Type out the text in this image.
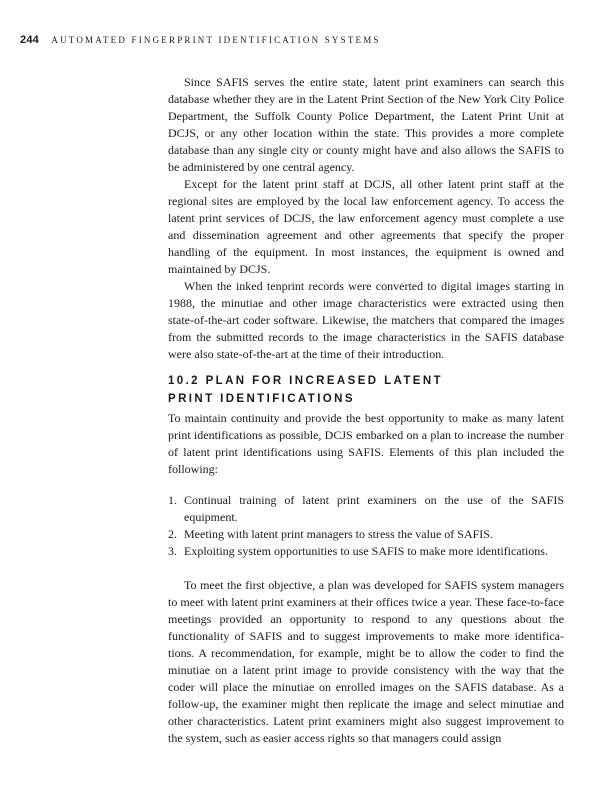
244 AUTOMATED FINGERPRINT IDENTIFICATION SYSTEMS

Since SAFIS serves the entire state, latent print examiners can search this database whether they are in the Latent Print Section of the New York City Police Department, the Suffolk County Police Department, the Latent Print Unit at DCJS, or any other location within the state. This provides a more complete database than any single city or county might have and also allows the SAFIS to be administered by one central agency.

Except for the latent print staff at DCJS, all other latent print staff at the regional sites are employed by the local law enforcement agency. To access the latent print services of DCJS, the law enforcement agency must complete a use and dissemination agreement and other agreements that specify the proper handling of the equipment. In most instances, the equipment is owned and maintained by DCJS.

When the inked tenprint records were converted to digital images starting in 1988, the minutiae and other image characteristics were extracted using then state-of-the-art coder software. Likewise, the matchers that compared the images from the submitted records to the image characteristics in the SAFIS database were also state-of-the-art at the time of their introduction.

10.2 PLAN FOR INCREASED LATENT
PRINT IDENTIFICATIONS

To maintain continuity and provide the best opportunity to make as many latent print identifications as possible, DCJS embarked on a plan to increase the number of latent print identifications using SAFIS. Elements of this plan included the following:

1. Continual training of latent print examiners on the use of the SAFIS equipment.
2. Meeting with latent print managers to stress the value of SAFIS.
3. Exploiting system opportunities to use SAFIS to make more identifications.

To meet the first objective, a plan was developed for SAFIS system managers to meet with latent print examiners at their offices twice a year. These face-to-face meetings provided an opportunity to respond to any questions about the functionality of SAFIS and to suggest improvements to make more identifications. A recommendation, for example, might be to allow the coder to find the minutiae on a latent print image to provide consistency with the way that the coder will place the minutiae on enrolled images on the SAFIS database. As a follow-up, the examiner might then replicate the image and select minutiae and other characteristics. Latent print examiners might also suggest improvement to the system, such as easier access rights so that managers could assign
